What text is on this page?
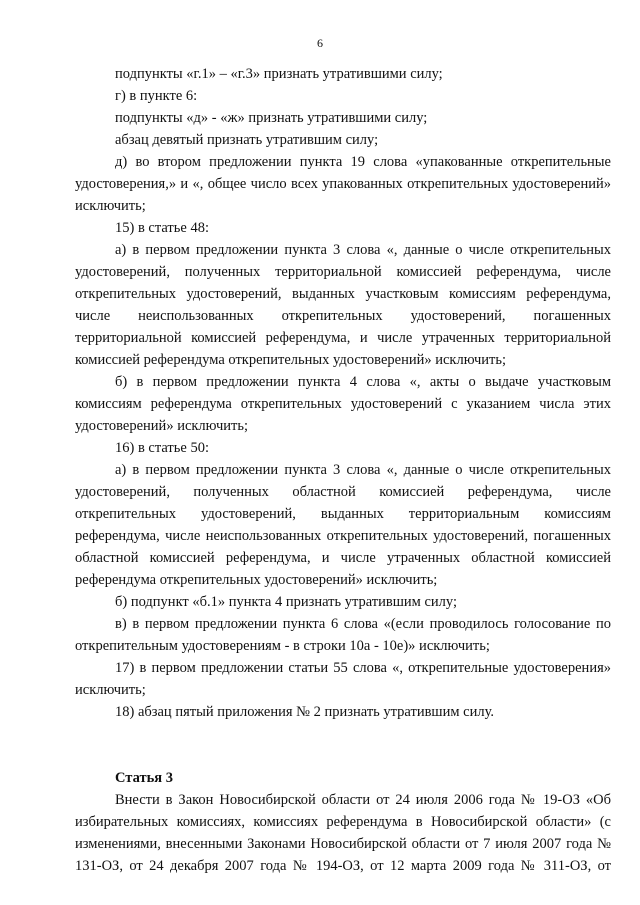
6

подпункты «г.1» – «г.3» признать утратившими силу;

г) в пункте 6:

подпункты «д» - «ж» признать утратившими силу;

абзац девятый признать утратившим силу;

д) во втором предложении пункта 19 слова «упакованные открепительные удостоверения,» и «, общее число всех упакованных открепительных удостоверений» исключить;

15) в статье 48:

а) в первом предложении пункта 3 слова «, данные о числе открепительных удостоверений, полученных территориальной комиссией референдума, числе открепительных удостоверений, выданных участковым комиссиям референдума, числе неиспользованных открепительных удостоверений, погашенных территориальной комиссией референдума, и числе утраченных территориальной комиссией референдума открепительных удостоверений» исключить;

б) в первом предложении пункта 4 слова «, акты о выдаче участковым комиссиям референдума открепительных удостоверений с указанием числа этих удостоверений» исключить;

16) в статье 50:

а) в первом предложении пункта 3 слова «, данные о числе открепительных удостоверений, полученных областной комиссией референдума, числе открепительных удостоверений, выданных территориальным комиссиям референдума, числе неиспользованных открепительных удостоверений, погашенных областной комиссией референдума, и числе утраченных областной комиссией референдума открепительных удостоверений» исключить;

б) подпункт «б.1» пункта 4 признать утратившим силу;

в) в первом предложении пункта 6 слова «(если проводилось голосование по открепительным удостоверениям - в строки 10а - 10е)» исключить;

17) в первом предложении статьи 55 слова «, открепительные удостоверения» исключить;

18) абзац пятый приложения № 2 признать утратившим силу.

Статья 3

Внести в Закон Новосибирской области от 24 июля 2006 года № 19-ОЗ «Об избирательных комиссиях, комиссиях референдума в Новосибирской области» (с изменениями, внесенными Законами Новосибирской области от 7 июля 2007 года № 131-ОЗ, от 24 декабря 2007 года № 194-ОЗ, от 12 марта 2009 года № 311-ОЗ, от
